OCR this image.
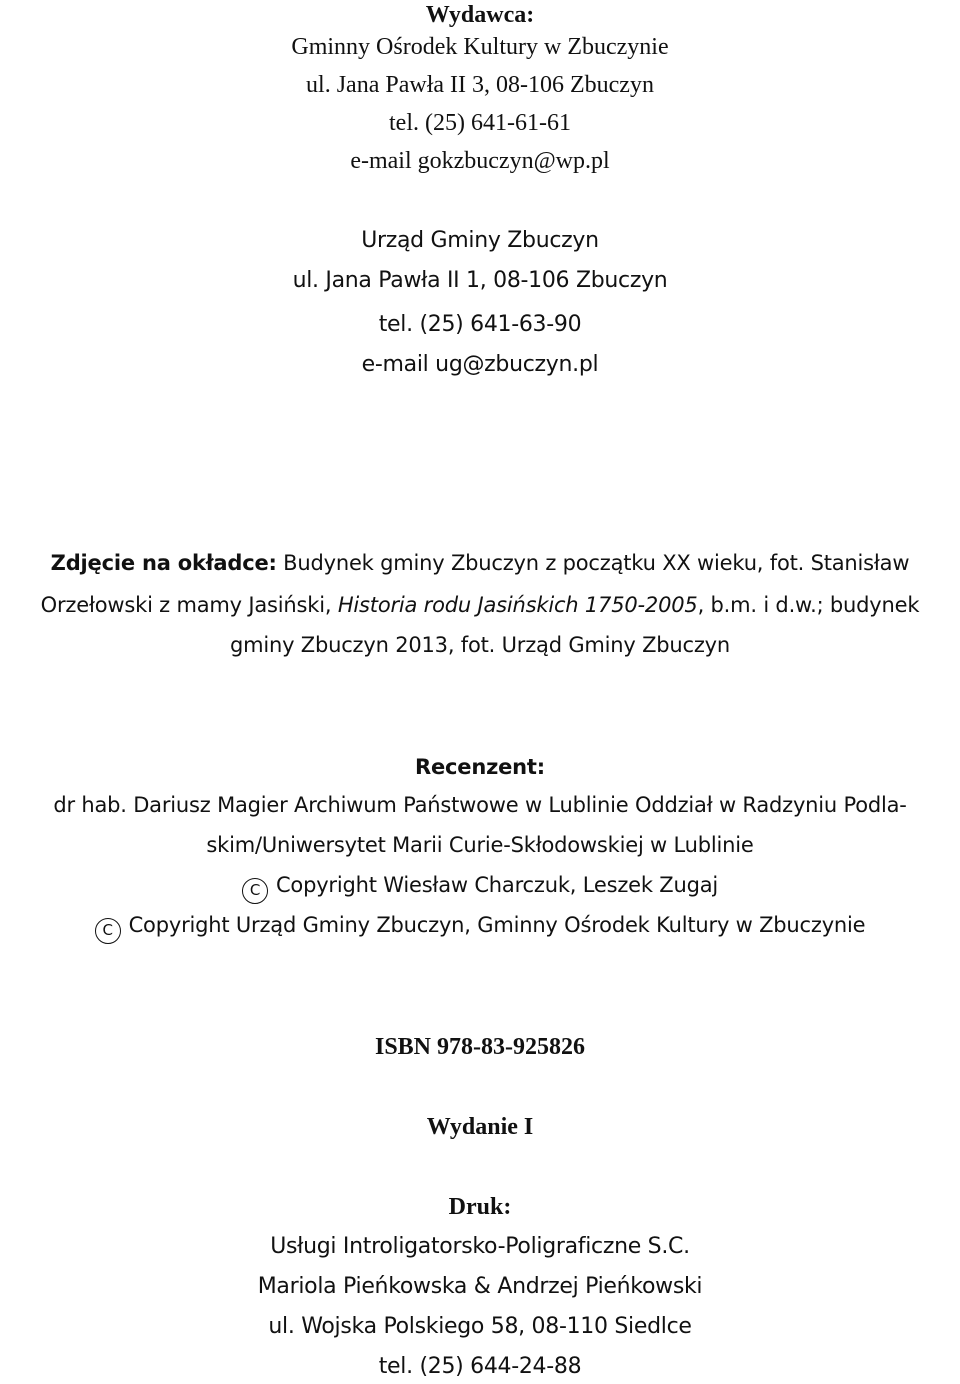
Wydawca:
Gminny Ośrodek Kultury w Zbuczynie
ul. Jana Pawła II 3, 08-106 Zbuczyn
tel. (25) 641-61-61
e-mail gokzbuczyn@wp.pl
Urząd Gminy Zbuczyn
ul. Jana Pawła II 1, 08-106 Zbuczyn
tel. (25) 641-63-90
e-mail ug@zbuczyn.pl
Zdjęcie na okładce: Budynek gminy Zbuczyn z początku XX wieku, fot. Stanisław
Orzełowski z mamy Jasiński, Historia rodu Jasińskich 1750-2005, b.m. i d.w.; budynek
gminy Zbuczyn 2013, fot. Urząd Gminy Zbuczyn
Recenzent:
dr hab. Dariusz Magier Archiwum Państwowe w Lublinie Oddział w Radzyniu Podla-
skim/Uniwersytet Marii Curie-Skłodowskiej w Lublinie
C Copyright Wiesław Charczuk, Leszek Zugaj
C Copyright Urząd Gminy Zbuczyn, Gminny Ośrodek Kultury w Zbuczynie
ISBN 978-83-925826
Wydanie I
Druk:
Usługi Introligatorsko-Poligraficzne S.C.
Mariola Pieńkowska & Andrzej Pieńkowski
ul. Wojska Polskiego 58, 08-110 Siedlce
tel. (25) 644-24-88
